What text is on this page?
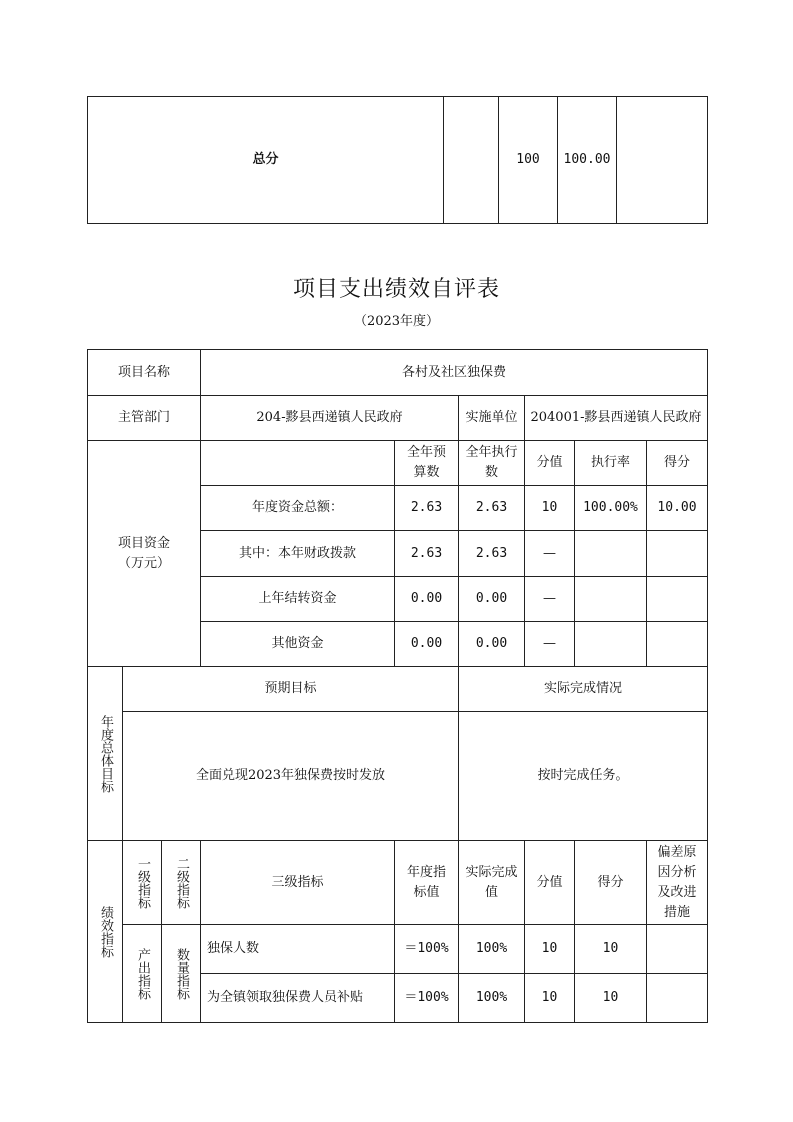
总分		100	100.00	
项目支出绩效自评表
（2023年度）
项目名称			各村及社区独保费					
主管部门			204-黟县西递镇人民政府		实施单位	204001-黟县西递镇人民政府		

项目资金
（万元）				全年预算数	全年执行数	分值	执行率	得分
			年度资金总额：	2.63	2.63	10	100.00%	10.00
			其中：本年财政拨款	2.63	2.63	—		
			上年结转资金	0.00	0.00	—		
			其他资金	0.00	0.00	—		

年度总体目标	预期目标				实际完成情况			
	全面兑现2023年独保费按时发放				按时完成任务。			

绩效指标	一级指标	二级指标	三级指标	年度指标值	实际完成值	分值	得分	偏差原因分析及改进措施

	产出指标	数量指标	独保人数	＝100%	100%	10	10	
			为全镇领取独保费人员补贴	＝100%	100%	10	10	
